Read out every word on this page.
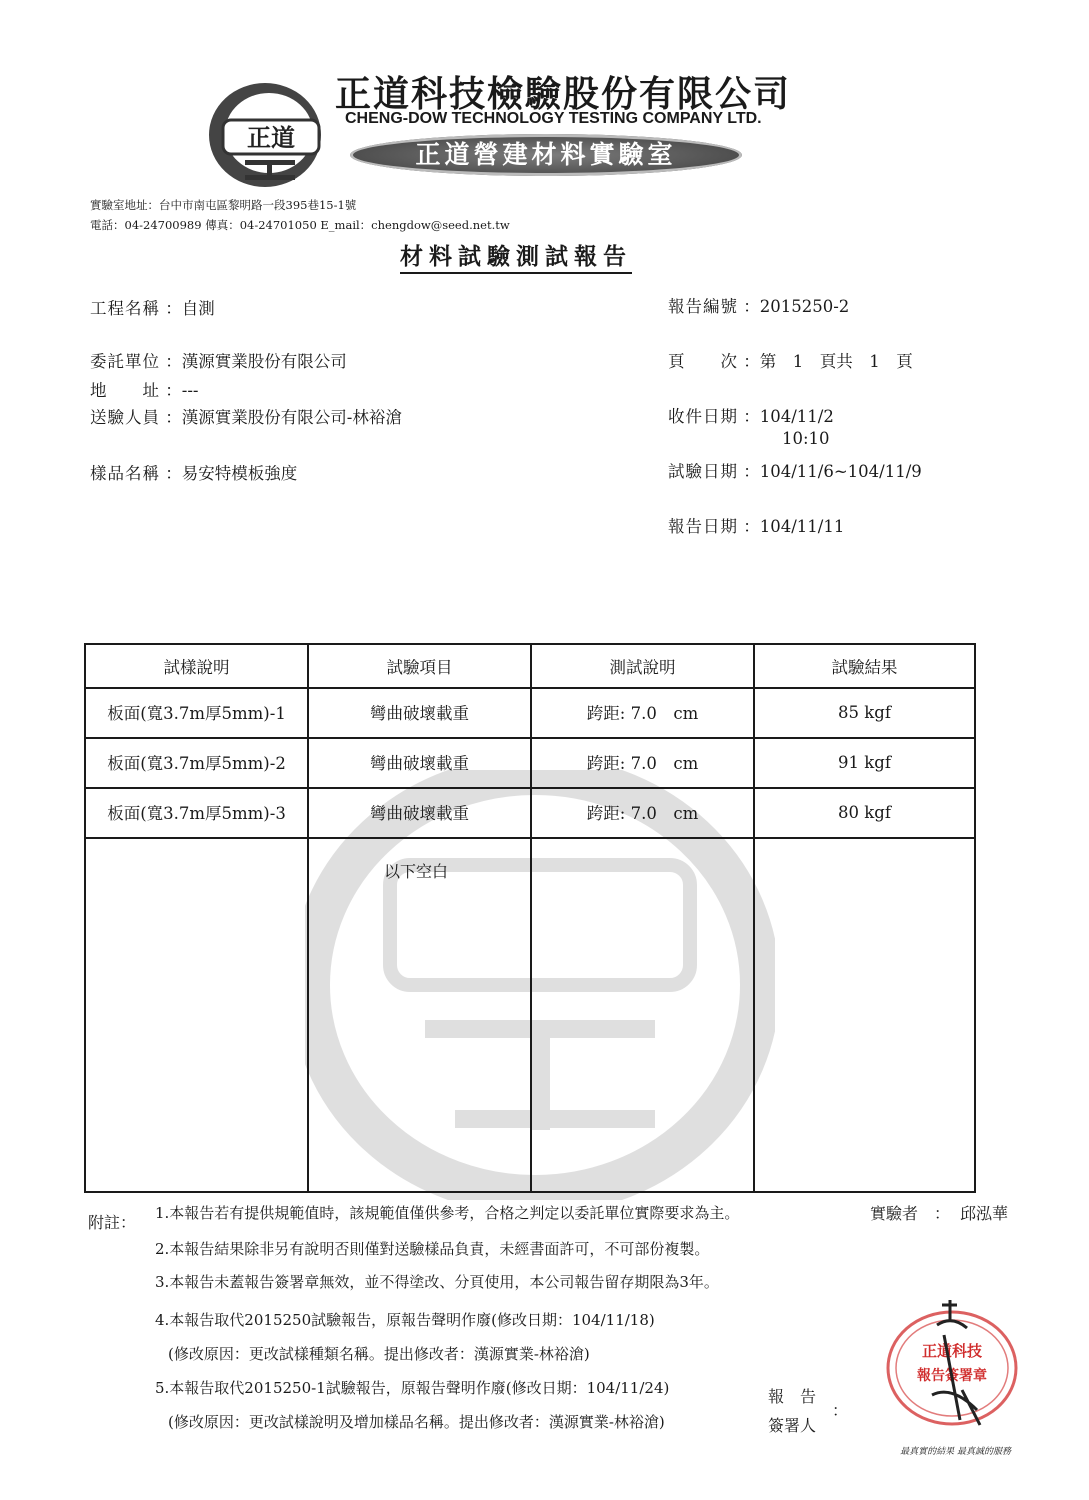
正道
正道科技檢驗股份有限公司
CHENG-DOW TECHNOLOGY TESTING COMPANY LTD.
正道營建材料實驗室
實驗室地址：台中市南屯區黎明路一段395巷15-1號
電話：04-24700989 傳真：04-24701050 E_mail：chengdow@seed.net.tw
材料試驗測試報告
工程名稱 ：自測
委託單位 ：漢源實業股份有限公司
地　　址 ：---
送驗人員 ：漢源實業股份有限公司-林裕滄
樣品名稱 ：易安特模板強度
報告編號 ：2015250-2
頁　　次 ：第　1　頁共　1　頁
收件日期 ：104/11/2
10:10
試驗日期 ：104/11/6~104/11/9
報告日期 ：104/11/11
試樣說明	試驗項目	測試說明	試驗結果
板面(寬3.7m厚5mm)-1	彎曲破壞載重	跨距: 7.0　cm	85 kgf
板面(寬3.7m厚5mm)-2	彎曲破壞載重	跨距: 7.0　cm	91 kgf
板面(寬3.7m厚5mm)-3	彎曲破壞載重	跨距: 7.0　cm	80 kgf
以下空白
附註： 1.本報告若有提供規範值時，該規範值僅供參考，合格之判定以委託單位實際要求為主。
2.本報告結果除非另有說明否則僅對送驗樣品負責，未經書面許可，不可部份複製。
3.本報告未蓋報告簽署章無效，並不得塗改、分頁使用，本公司報告留存期限為3年。
4.本報告取代2015250試驗報告，原報告聲明作廢(修改日期：104/11/18)
(修改原因：更改試樣種類名稱。提出修改者：漢源實業-林裕滄)
5.本報告取代2015250-1試驗報告，原報告聲明作廢(修改日期：104/11/24)
(修改原因：更改試樣說明及增加樣品名稱。提出修改者：漢源實業-林裕滄)
實驗者　： 邱泓華
報　告
簽署人
：
正道科技
報告簽署章
最真實的結果 最真誠的服務
